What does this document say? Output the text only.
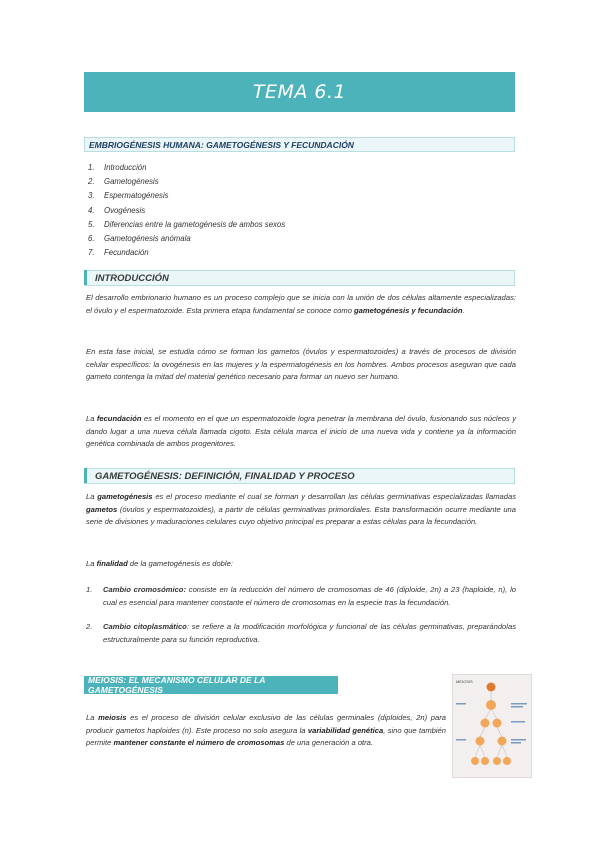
TEMA 6.1
EMBRIOGÉNESIS HUMANA: GAMETOGÉNESIS Y FECUNDACIÓN
1.	Introducción
2.	Gametogénesis
3.	Espermatogénesis
4.	Ovogénesis
5.	Diferencias entre la gametogénesis de ambos sexos
6.	Gametogénesis anómala
7.	Fecundación
INTRODUCCIÓN

El desarrollo embrionario humano es un proceso complejo que se inicia con la unión de dos células altamente especializadas: el óvulo y el espermatozoide. Esta primera etapa fundamental se conoce como gametogénesis y fecundación.

En esta fase inicial, se estudia cómo se forman los gametos (óvulos y espermatozoides) a través de procesos de división celular específicos: la ovogénesis en las mujeres y la espermatogénesis en los hombres. Ambos procesos aseguran que cada gameto contenga la mitad del material genético necesario para formar un nuevo ser humano.

La fecundación es el momento en el que un espermatozoide logra penetrar la membrana del óvulo, fusionando sus núcleos y dando lugar a una nueva célula llamada cigoto. Esta célula marca el inicio de una nueva vida y contiene ya la información genética combinada de ambos progenitores.

GAMETOGÉNESIS: DEFINICIÓN, FINALIDAD Y PROCESO

La gametogénesis es el proceso mediante el cual se forman y desarrollan las células germinativas especializadas llamadas gametos (óvulos y espermatozoides), a partir de células germinativas primordiales. Esta transformación ocurre mediante una serie de divisiones y maduraciones celulares cuyo objetivo principal es preparar a estas células para la fecundación.

La finalidad de la gametogénesis es doble:

1.	Cambio cromosómico: consiste en la reducción del número de cromosomas de 46 (diploide, 2n) a 23 (haploide, n), lo cual es esencial para mantener constante el número de cromosomas en la especie tras la fecundación.
2.	Cambio citoplasmático: se refiere a la modificación morfológica y funcional de las células germinativas, preparándolas estructuralmente para su función reproductiva.
MEIOSIS: EL MECANISMO CELULAR DE LA GAMETOGÉNESIS

La meiosis es el proceso de división celular exclusivo de las células germinales (diploides, 2n) para producir gametos haploides (n). Este proceso no solo asegura la variabilidad genética, sino que también permite mantener constante el número de cromosomas de una generación a otra.

MEIOSIS
